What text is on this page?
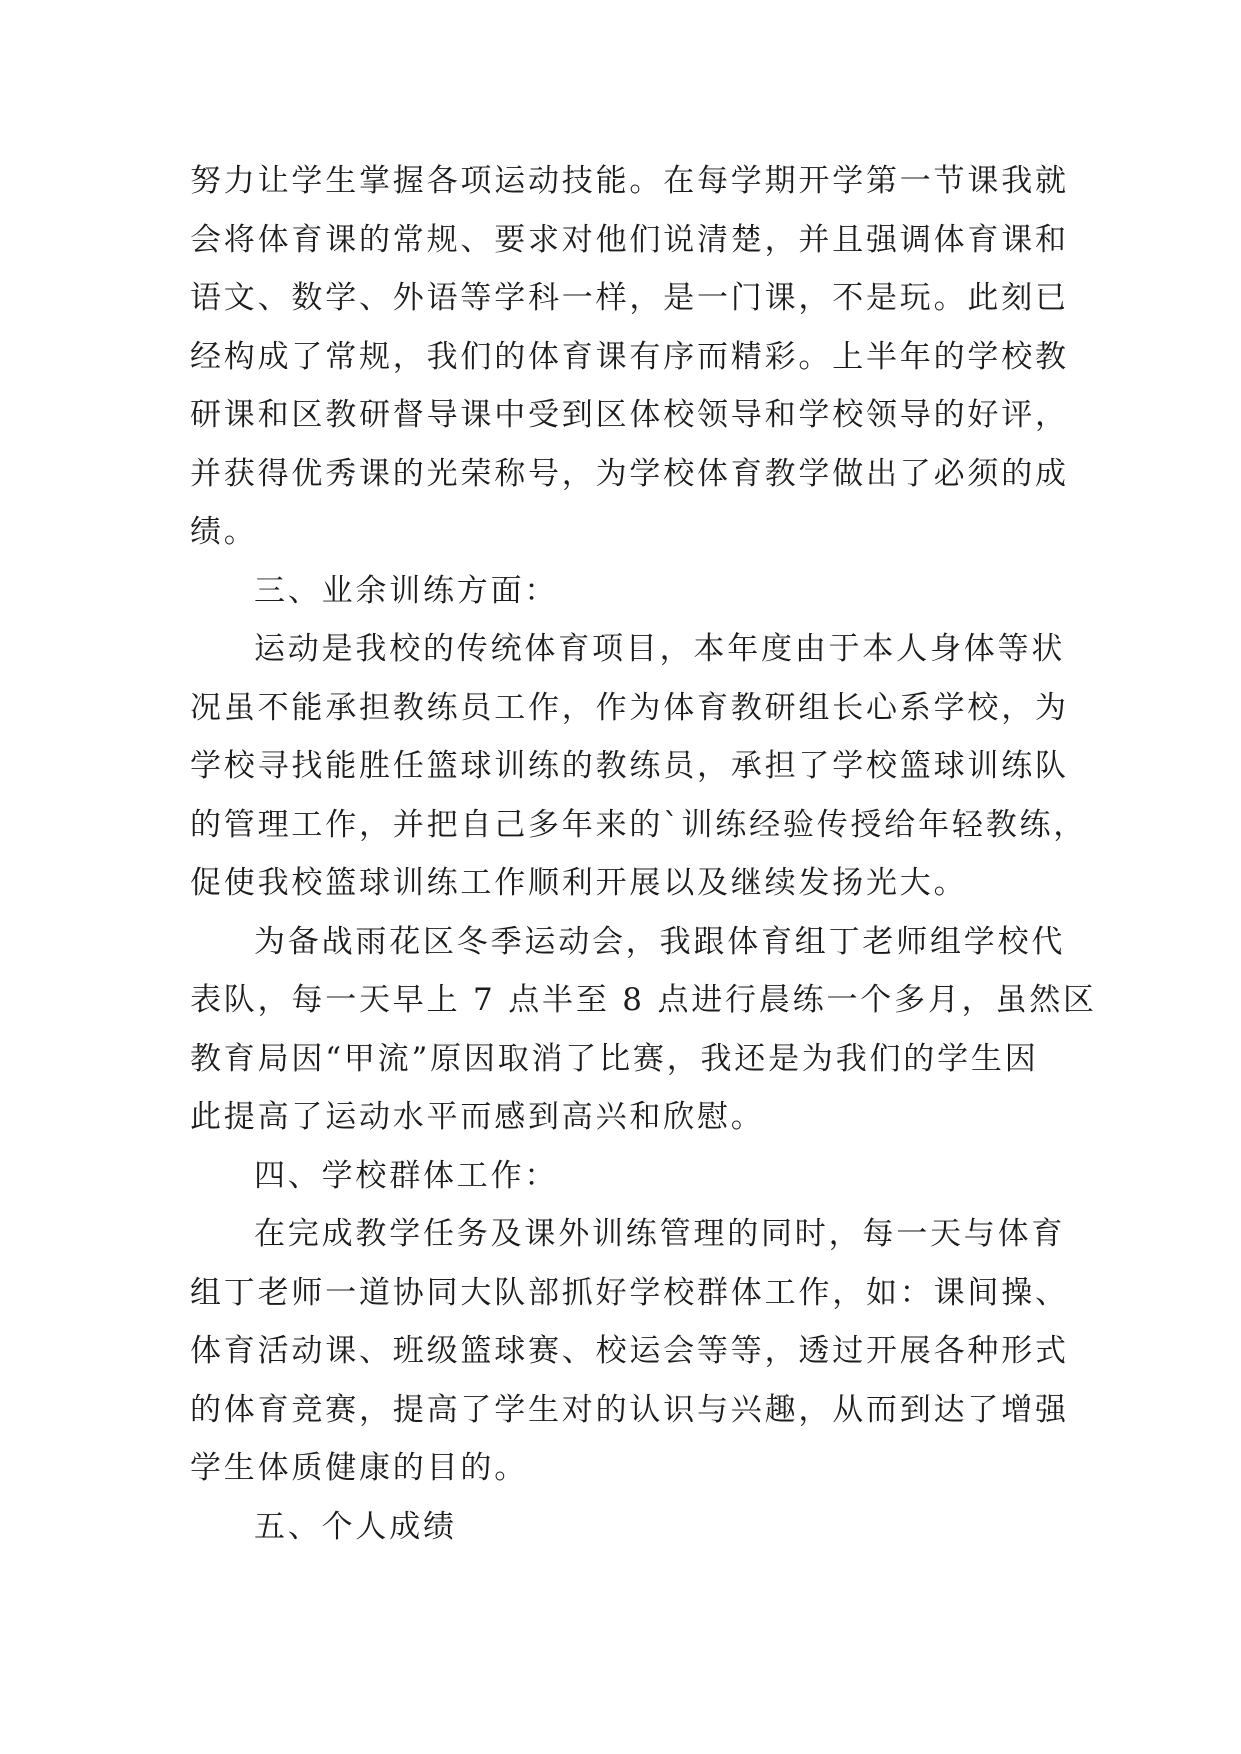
努力让学生掌握各项运动技能。在每学期开学第一节课我就
会将体育课的常规、要求对他们说清楚，并且强调体育课和
语文、数学、外语等学科一样，是一门课，不是玩。此刻已
经构成了常规，我们的体育课有序而精彩。上半年的学校教
研课和区教研督导课中受到区体校领导和学校领导的好评，
并获得优秀课的光荣称号，为学校体育教学做出了必须的成
绩。
三、业余训练方面：
运动是我校的传统体育项目，本年度由于本人身体等状
况虽不能承担教练员工作，作为体育教研组长心系学校，为
学校寻找能胜任篮球训练的教练员，承担了学校篮球训练队
的管理工作，并把自己多年来的`训练经验传授给年轻教练，
促使我校篮球训练工作顺利开展以及继续发扬光大。
为备战雨花区冬季运动会，我跟体育组丁老师组学校代
表队，每一天早上 7 点半至 8 点进行晨练一个多月，虽然区
教育局因“甲流”原因取消了比赛，我还是为我们的学生因
此提高了运动水平而感到高兴和欣慰。
四、学校群体工作：
在完成教学任务及课外训练管理的同时，每一天与体育
组丁老师一道协同大队部抓好学校群体工作，如：课间操、
体育活动课、班级篮球赛、校运会等等，透过开展各种形式
的体育竞赛，提高了学生对的认识与兴趣，从而到达了增强
学生体质健康的目的。
五、个人成绩
